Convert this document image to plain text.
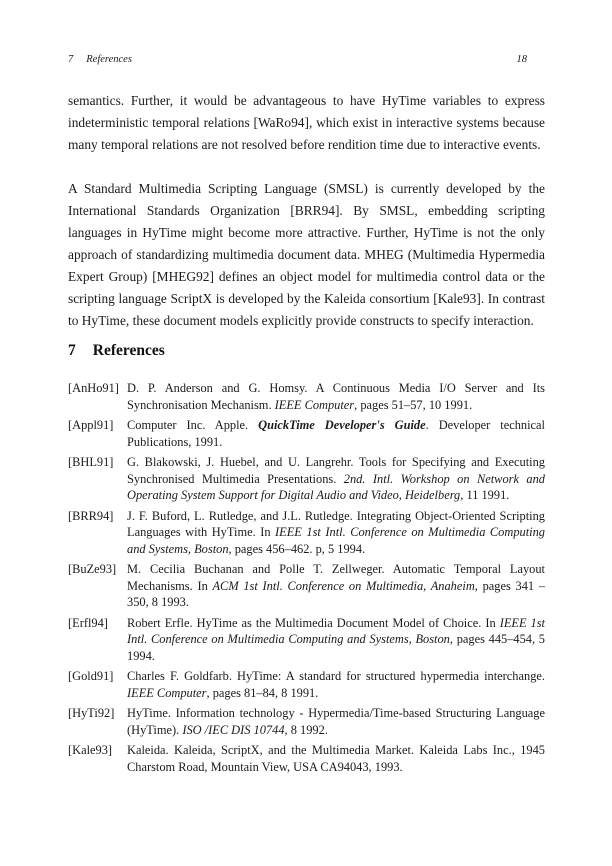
7 References	18

semantics. Further, it would be advantageous to have HyTime variables to express indeterministic temporal relations [WaRo94], which exist in interactive systems because many temporal relations are not resolved before rendition time due to interactive events.

A Standard Multimedia Scripting Language (SMSL) is currently developed by the International Standards Organization [BRR94]. By SMSL, embedding scripting languages in HyTime might become more attractive. Further, HyTime is not the only approach of standardizing multimedia document data. MHEG (Multimedia Hypermedia Expert Group) [MHEG92] defines an object model for multimedia control data or the scripting language ScriptX is developed by the Kaleida consortium [Kale93]. In contrast to HyTime, these document models explicitly provide constructs to specify interaction.

7 References
[AnHo91] D. P. Anderson and G. Homsy. A Continuous Media I/O Server and Its Synchronisation Mechanism. IEEE Computer, pages 51–57, 10 1991.
[Appl91]	Computer Inc. Apple. QuickTime Developer's Guide. Developer technical Publications, 1991.
[BHL91]	G. Blakowski, J. Huebel, and U. Langrehr. Tools for Specifying and Executing Synchronised Multimedia Presentations. 2nd. Intl. Workshop on Network and Operating System Support for Digital Audio and Video, Heidelberg, 11 1991.
[BRR94]	J. F. Buford, L. Rutledge, and J.L. Rutledge. Integrating Object-Oriented Scripting Languages with HyTime. In IEEE 1st Intl. Conference on Multimedia Computing and Systems, Boston, pages 456–462. p, 5 1994.
[BuZe93] M. Cecilia Buchanan and Polle T. Zellweger. Automatic Temporal Layout Mechanisms. In ACM 1st Intl. Conference on Multimedia, Anaheim, pages 341 – 350, 8 1993.
[Erfl94]	Robert Erfle. HyTime as the Multimedia Document Model of Choice. In IEEE 1st Intl. Conference on Multimedia Computing and Systems, Boston, pages 445–454, 5 1994.
[Gold91]	Charles F. Goldfarb. HyTime: A standard for structured hypermedia interchange. IEEE Computer, pages 81–84, 8 1991.
[HyTi92]	HyTime. Information technology - Hypermedia/Time-based Structuring Language (HyTime). ISO /IEC DIS 10744, 8 1992.
[Kale93]	Kaleida. Kaleida, ScriptX, and the Multimedia Market. Kaleida Labs Inc., 1945 Charstom Road, Mountain View, USA CA94043, 1993.
